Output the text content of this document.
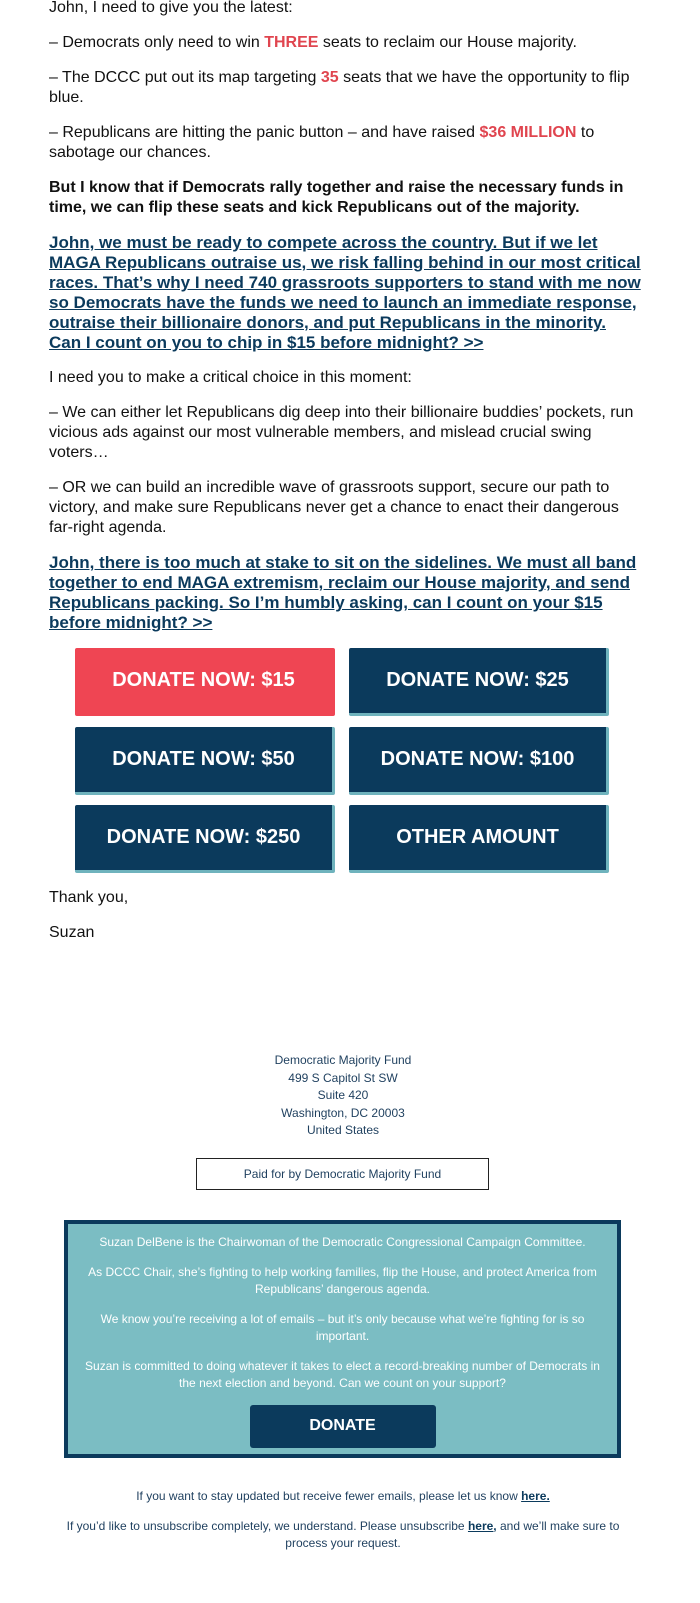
John, I need to give you the latest:

– Democrats only need to win THREE seats to reclaim our House majority.

– The DCCC put out its map targeting 35 seats that we have the opportunity to flip blue.

– Republicans are hitting the panic button – and have raised $36 MILLION to sabotage our chances.

But I know that if Democrats rally together and raise the necessary funds in time, we can flip these seats and kick Republicans out of the majority.

John, we must be ready to compete across the country. But if we let MAGA Republicans outraise us, we risk falling behind in our most critical races. That’s why I need 740 grassroots supporters to stand with me now so Democrats have the funds we need to launch an immediate response, outraise their billionaire donors, and put Republicans in the minority. Can I count on you to chip in $15 before midnight? >>

I need you to make a critical choice in this moment:

– We can either let Republicans dig deep into their billionaire buddies’ pockets, run vicious ads against our most vulnerable members, and mislead crucial swing voters…

– OR we can build an incredible wave of grassroots support, secure our path to victory, and make sure Republicans never get a chance to enact their dangerous far-right agenda.

John, there is too much at stake to sit on the sidelines. We must all band together to end MAGA extremism, reclaim our House majority, and send Republicans packing. So I’m humbly asking, can I count on your $15 before midnight? >>
DONATE NOW: $15	DONATE NOW: $25
DONATE NOW: $50	DONATE NOW: $100
DONATE NOW: $250	OTHER AMOUNT
Thank you,
Suzan
Democratic Majority Fund
499 S Capitol St SW
Suite 420
Washington, DC 20003
United States
Paid for by Democratic Majority Fund

Suzan DelBene is the Chairwoman of the Democratic Congressional Campaign Committee.

As DCCC Chair, she’s fighting to help working families, flip the House, and protect America from Republicans’ dangerous agenda.

We know you’re receiving a lot of emails – but it’s only because what we’re fighting for is so important.

Suzan is committed to doing whatever it takes to elect a record-breaking number of Democrats in the next election and beyond. Can we count on your support?

DONATE

If you want to stay updated but receive fewer emails, please let us know here.

If you’d like to unsubscribe completely, we understand. Please unsubscribe here, and we’ll make sure to process your request.
